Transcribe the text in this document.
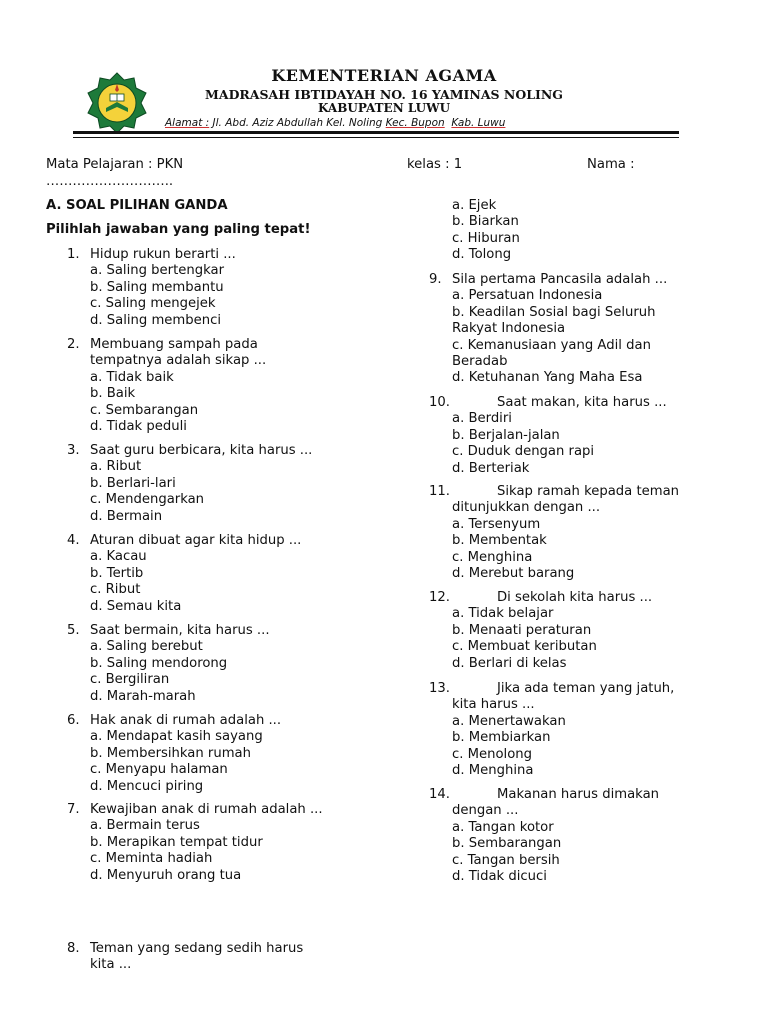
KEMENTERIAN AGAMA
MADRASAH IBTIDAYAH NO. 16 YAMINAS NOLING
KABUPATEN LUWU
Alamat : Jl. Abd. Aziz Abdullah Kel. Noling Kec. Bupon Kab. Luwu
Mata Pelajaran : PKN	kelas : 1	Nama :
………………………..
A. SOAL PILIHAN GANDA
Pilihlah jawaban yang paling tepat!
1. Hidup rukun berarti ...
a. Saling bertengkar
b. Saling membantu
c. Saling mengejek
d. Saling membenci
2. Membuang sampah pada
tempatnya adalah sikap ...
a. Tidak baik
b. Baik
c. Sembarangan
d. Tidak peduli
3. Saat guru berbicara, kita harus ...
a. Ribut
b. Berlari-lari
c. Mendengarkan
d. Bermain
4. Aturan dibuat agar kita hidup ...
a. Kacau
b. Tertib
c. Ribut
d. Semau kita
5. Saat bermain, kita harus ...
a. Saling berebut
b. Saling mendorong
c. Bergiliran
d. Marah-marah
6. Hak anak di rumah adalah ...
a. Mendapat kasih sayang
b. Membersihkan rumah
c. Menyapu halaman
d. Mencuci piring
7. Kewajiban anak di rumah adalah ...
a. Bermain terus
b. Merapikan tempat tidur
c. Meminta hadiah
d. Menyuruh orang tua
8. Teman yang sedang sedih harus
kita ...
a. Ejek
b. Biarkan
c. Hiburan
d. Tolong
9. Sila pertama Pancasila adalah ...
a. Persatuan Indonesia
b. Keadilan Sosial bagi Seluruh
Rakyat Indonesia
c. Kemanusiaan yang Adil dan
Beradab
d. Ketuhanan Yang Maha Esa
10.	Saat makan, kita harus ...
a. Berdiri
b. Berjalan-jalan
c. Duduk dengan rapi
d. Berteriak
11.	Sikap ramah kepada teman
ditunjukkan dengan ...
a. Tersenyum
b. Membentak
c. Menghina
d. Merebut barang
12.	Di sekolah kita harus ...
a. Tidak belajar
b. Menaati peraturan
c. Membuat keributan
d. Berlari di kelas
13.	Jika ada teman yang jatuh,
kita harus ...
a. Menertawakan
b. Membiarkan
c. Menolong
d. Menghina
14.	Makanan harus dimakan
dengan ...
a. Tangan kotor
b. Sembarangan
c. Tangan bersih
d. Tidak dicuci
